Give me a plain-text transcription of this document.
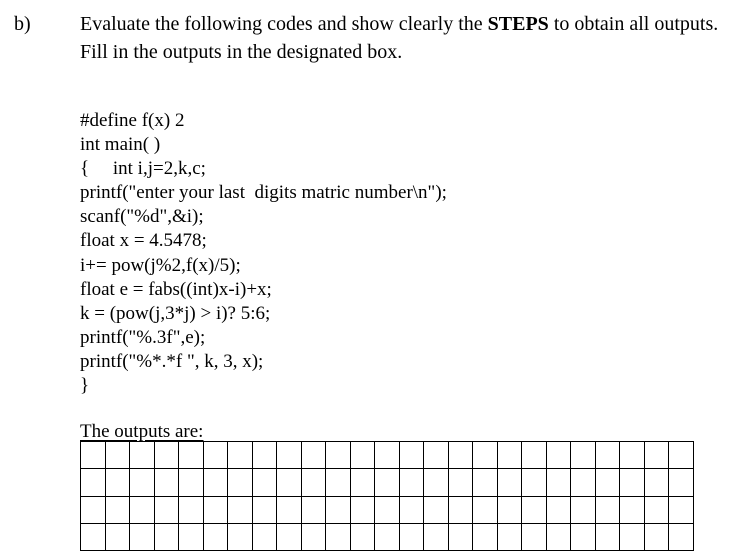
b) Evaluate the following codes and show clearly the STEPS to obtain all outputs. Fill in the outputs in the designated box.
#define f(x) 2
int main( )
{     int i,j=2,k,c;
printf("enter your last  digits matric number\n");
scanf("%d",&i);
float x = 4.5478;
i+= pow(j%2,f(x)/5);
float e = fabs((int)x-i)+x;
k = (pow(j,3*j) > i)? 5:6;
printf("%.3f",e);
printf("%*.*f ", k, 3, x);
}
The outputs are:
